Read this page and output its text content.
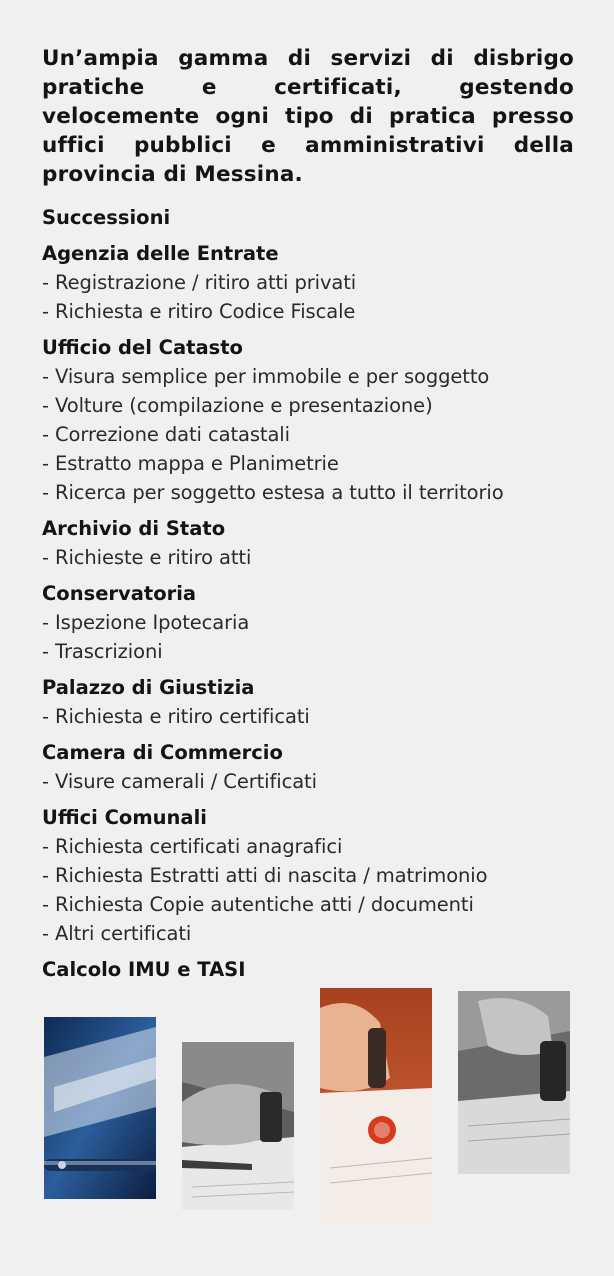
Un’ampia gamma di servizi di disbrigo pratiche e certificati, gestendo velocemente ogni tipo di pratica presso uffici pubblici e amministrativi della provincia di Messina.

Successioni
Agenzia delle Entrate
- Registrazione / ritiro atti privati
- Richiesta e ritiro Codice Fiscale
Ufficio del Catasto
- Visura semplice per immobile e per soggetto
- Volture (compilazione e presentazione)
- Correzione dati catastali
- Estratto mappa e Planimetrie
- Ricerca per soggetto estesa a tutto il territorio
Archivio di Stato
- Richieste e ritiro atti
Conservatoria
- Ispezione Ipotecaria
- Trascrizioni
Palazzo di Giustizia
- Richiesta e ritiro certificati
Camera di Commercio
- Visure camerali / Certificati
Uffici Comunali
- Richiesta certificati anagrafici
- Richiesta Estratti atti di nascita / matrimonio
- Richiesta Copie autentiche atti / documenti
- Altri certificati
Calcolo IMU e TASI
